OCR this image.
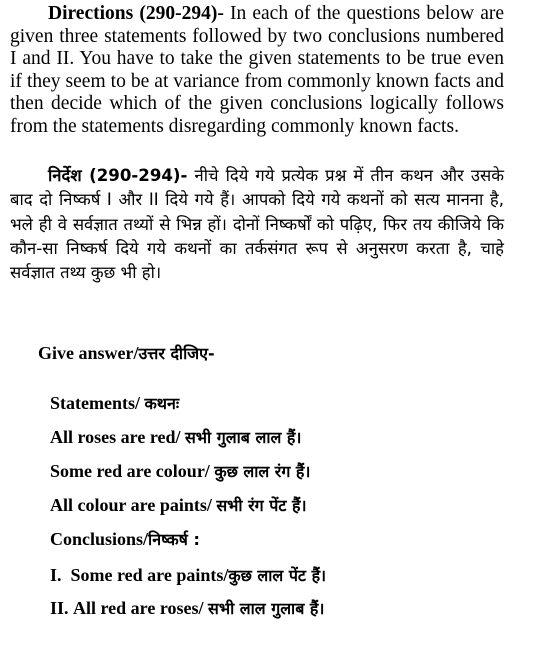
Directions (290-294)- In each of the questions below are given three statements followed by two conclusions numbered I and II. You have to take the given statements to be true even if they seem to be at variance from commonly known facts and then decide which of the given conclusions logically follows from the statements disregarding commonly known facts.

निर्देश (290-294)- नीचे दिये गये प्रत्येक प्रश्न में तीन कथन और उसके बाद दो निष्कर्ष I और II दिये गये हैं। आपको दिये गये कथनों को सत्य मानना है, भले ही वे सर्वज्ञात तथ्यों से भिन्न हों। दोनों निष्कर्षों को पढ़िए, फिर तय कीजिये कि कौन-सा निष्कर्ष दिये गये कथनों का तर्कसंगत रूप से अनुसरण करता है, चाहे सर्वज्ञात तथ्य कुछ भी हो।

Give answer/उत्तर दीजिए-

Statements/ कथनः

All roses are red/ सभी गुलाब लाल हैं।

Some red are colour/ कुछ लाल रंग हैं।

All colour are paints/ सभी रंग पेंट हैं।

Conclusions/निष्कर्ष :

I. Some red are paints/कुछ लाल पेंट हैं।

II. All red are roses/ सभी लाल गुलाब हैं।
